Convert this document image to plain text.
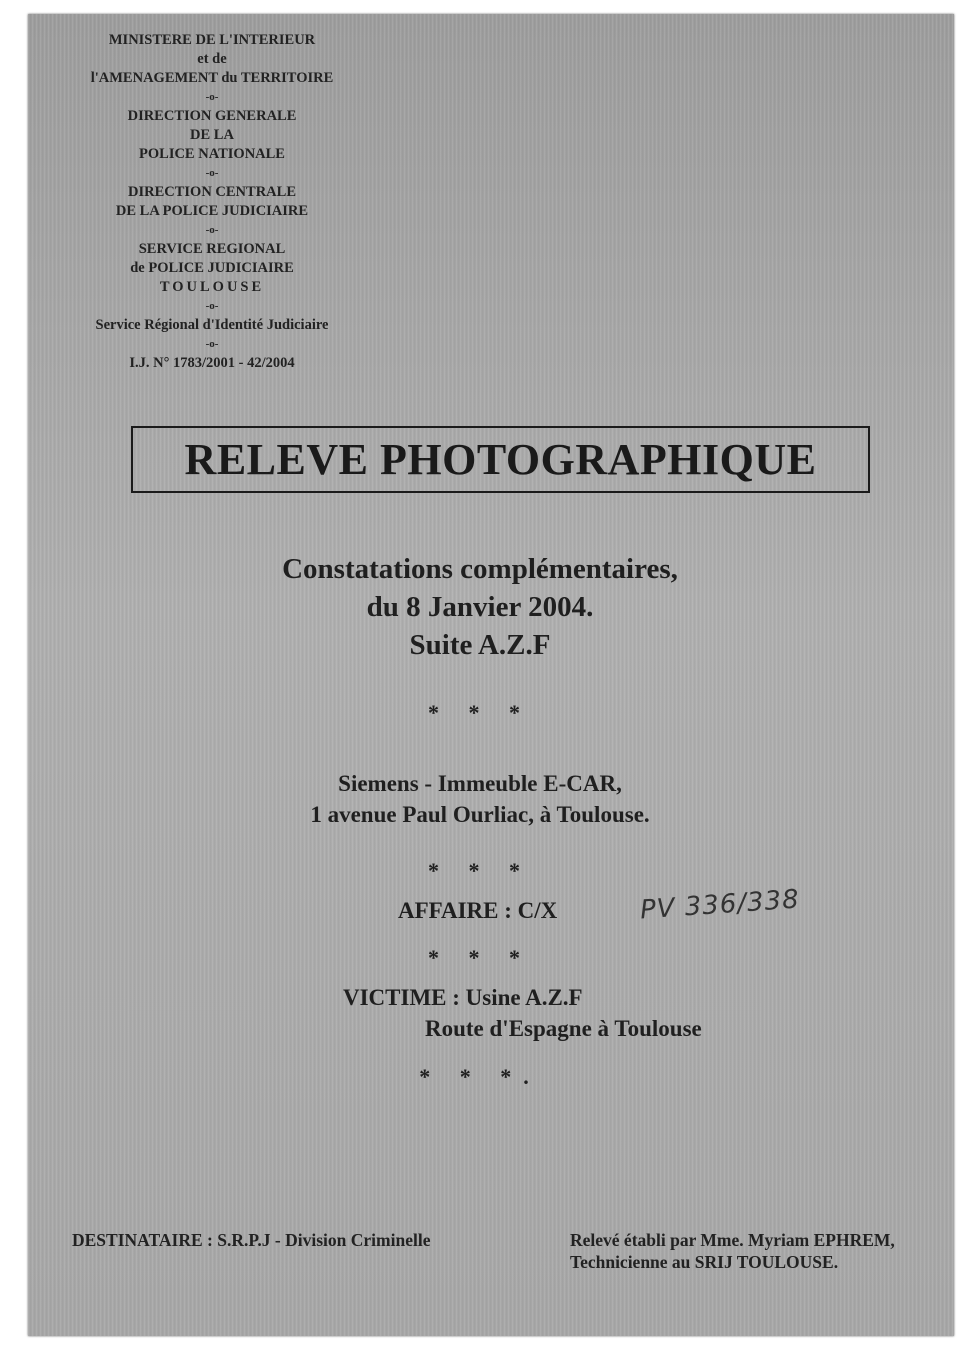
MINISTERE DE L'INTERIEUR
et de
l'AMENAGEMENT du TERRITOIRE
-o-
DIRECTION GENERALE
DE LA
POLICE NATIONALE
-o-
DIRECTION CENTRALE
DE LA POLICE JUDICIAIRE
-o-
SERVICE REGIONAL
de POLICE JUDICIAIRE
TOULOUSE
-o-
Service Régional d'Identité Judiciaire
-o-
I.J. N° 1783/2001 - 42/2004
RELEVE PHOTOGRAPHIQUE
Constatations complémentaires,
du 8 Janvier 2004.
Suite A.Z.F
* * *
Siemens - Immeuble E-CAR,
1 avenue Paul Ourliac, à Toulouse.
* * *
AFFAIRE : C/X	PV 336/338
* * *
VICTIME : Usine A.Z.F
Route d'Espagne à Toulouse
* * *.
DESTINATAIRE : S.R.P.J - Division Criminelle	Relevé établi par Mme. Myriam EPHREM,
Technicienne au SRIJ TOULOUSE.
